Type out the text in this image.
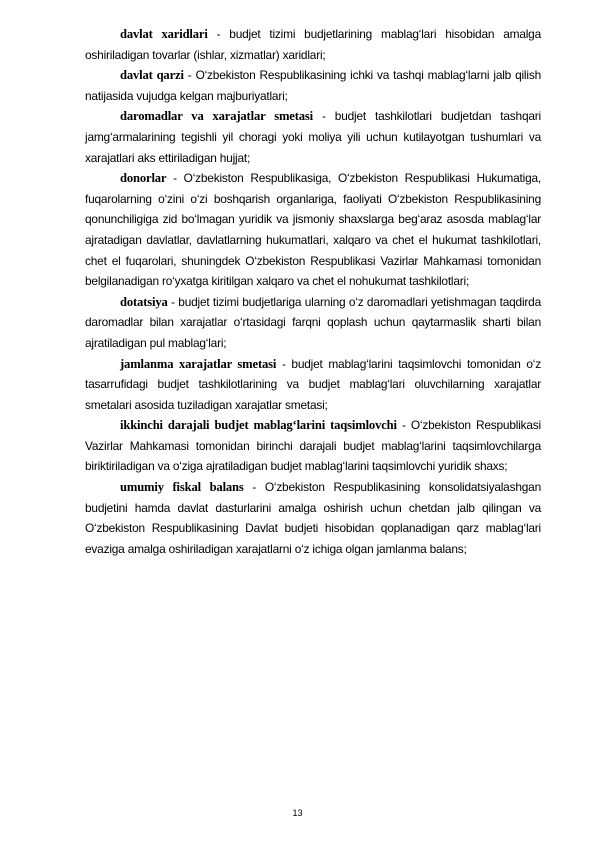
davlat xaridlari - budjet tizimi budjetlarining mablag‘lari hisobidan amalga oshiriladigan tovarlar (ishlar, xizmatlar) xaridlari;

davlat qarzi - O‘zbekiston Respublikasining ichki va tashqi mablag‘larni jalb qilish natijasida vujudga kelgan majburiyatlari;

daromadlar va xarajatlar smetasi - budjet tashkilotlari budjetdan tashqari jamg‘armalarining tegishli yil choragi yoki moliya yili uchun kutilayotgan tushumlari va xarajatlari aks ettiriladigan hujjat;

donorlar - O‘zbekiston Respublikasiga, O‘zbekiston Respublikasi Hukumatiga, fuqarolarning o‘zini o‘zi boshqarish organlariga, faoliyati O‘zbekiston Respublikasining qonunchiligiga zid bo‘lmagan yuridik va jismoniy shaxslarga beg‘araz asosda mablag‘lar ajratadigan davlatlar, davlatlarning hukumatlari, xalqaro va chet el hukumat tashkilotlari, chet el fuqarolari, shuningdek O‘zbekiston Respublikasi Vazirlar Mahkamasi tomonidan belgilanadigan ro‘yxatga kiritilgan xalqaro va chet el nohukumat tashkilotlari;

dotatsiya - budjet tizimi budjetlariga ularning o‘z daromadlari yetishmagan taqdirda daromadlar bilan xarajatlar o‘rtasidagi farqni qoplash uchun qaytarmaslik sharti bilan ajratiladigan pul mablag‘lari;

jamlanma xarajatlar smetasi - budjet mablag‘larini taqsimlovchi tomonidan o‘z tasarrufidagi budjet tashkilotlarining va budjet mablag‘lari oluvchilarning xarajatlar smetalari asosida tuziladigan xarajatlar smetasi;

ikkinchi darajali budjet mablag‘larini taqsimlovchi - O‘zbekiston Respublikasi Vazirlar Mahkamasi tomonidan birinchi darajali budjet mablag‘larini taqsimlovchilarga biriktiriladigan va o‘ziga ajratiladigan budjet mablag‘larini taqsimlovchi yuridik shaxs;

umumiy fiskal balans - O‘zbekiston Respublikasining konsolidatsiyalashgan budjetini hamda davlat dasturlarini amalga oshirish uchun chetdan jalb qilingan va O‘zbekiston Respublikasining Davlat budjeti hisobidan qoplanadigan qarz mablag‘lari evaziga amalga oshiriladigan xarajatlarni o‘z ichiga olgan jamlanma balans;

13
